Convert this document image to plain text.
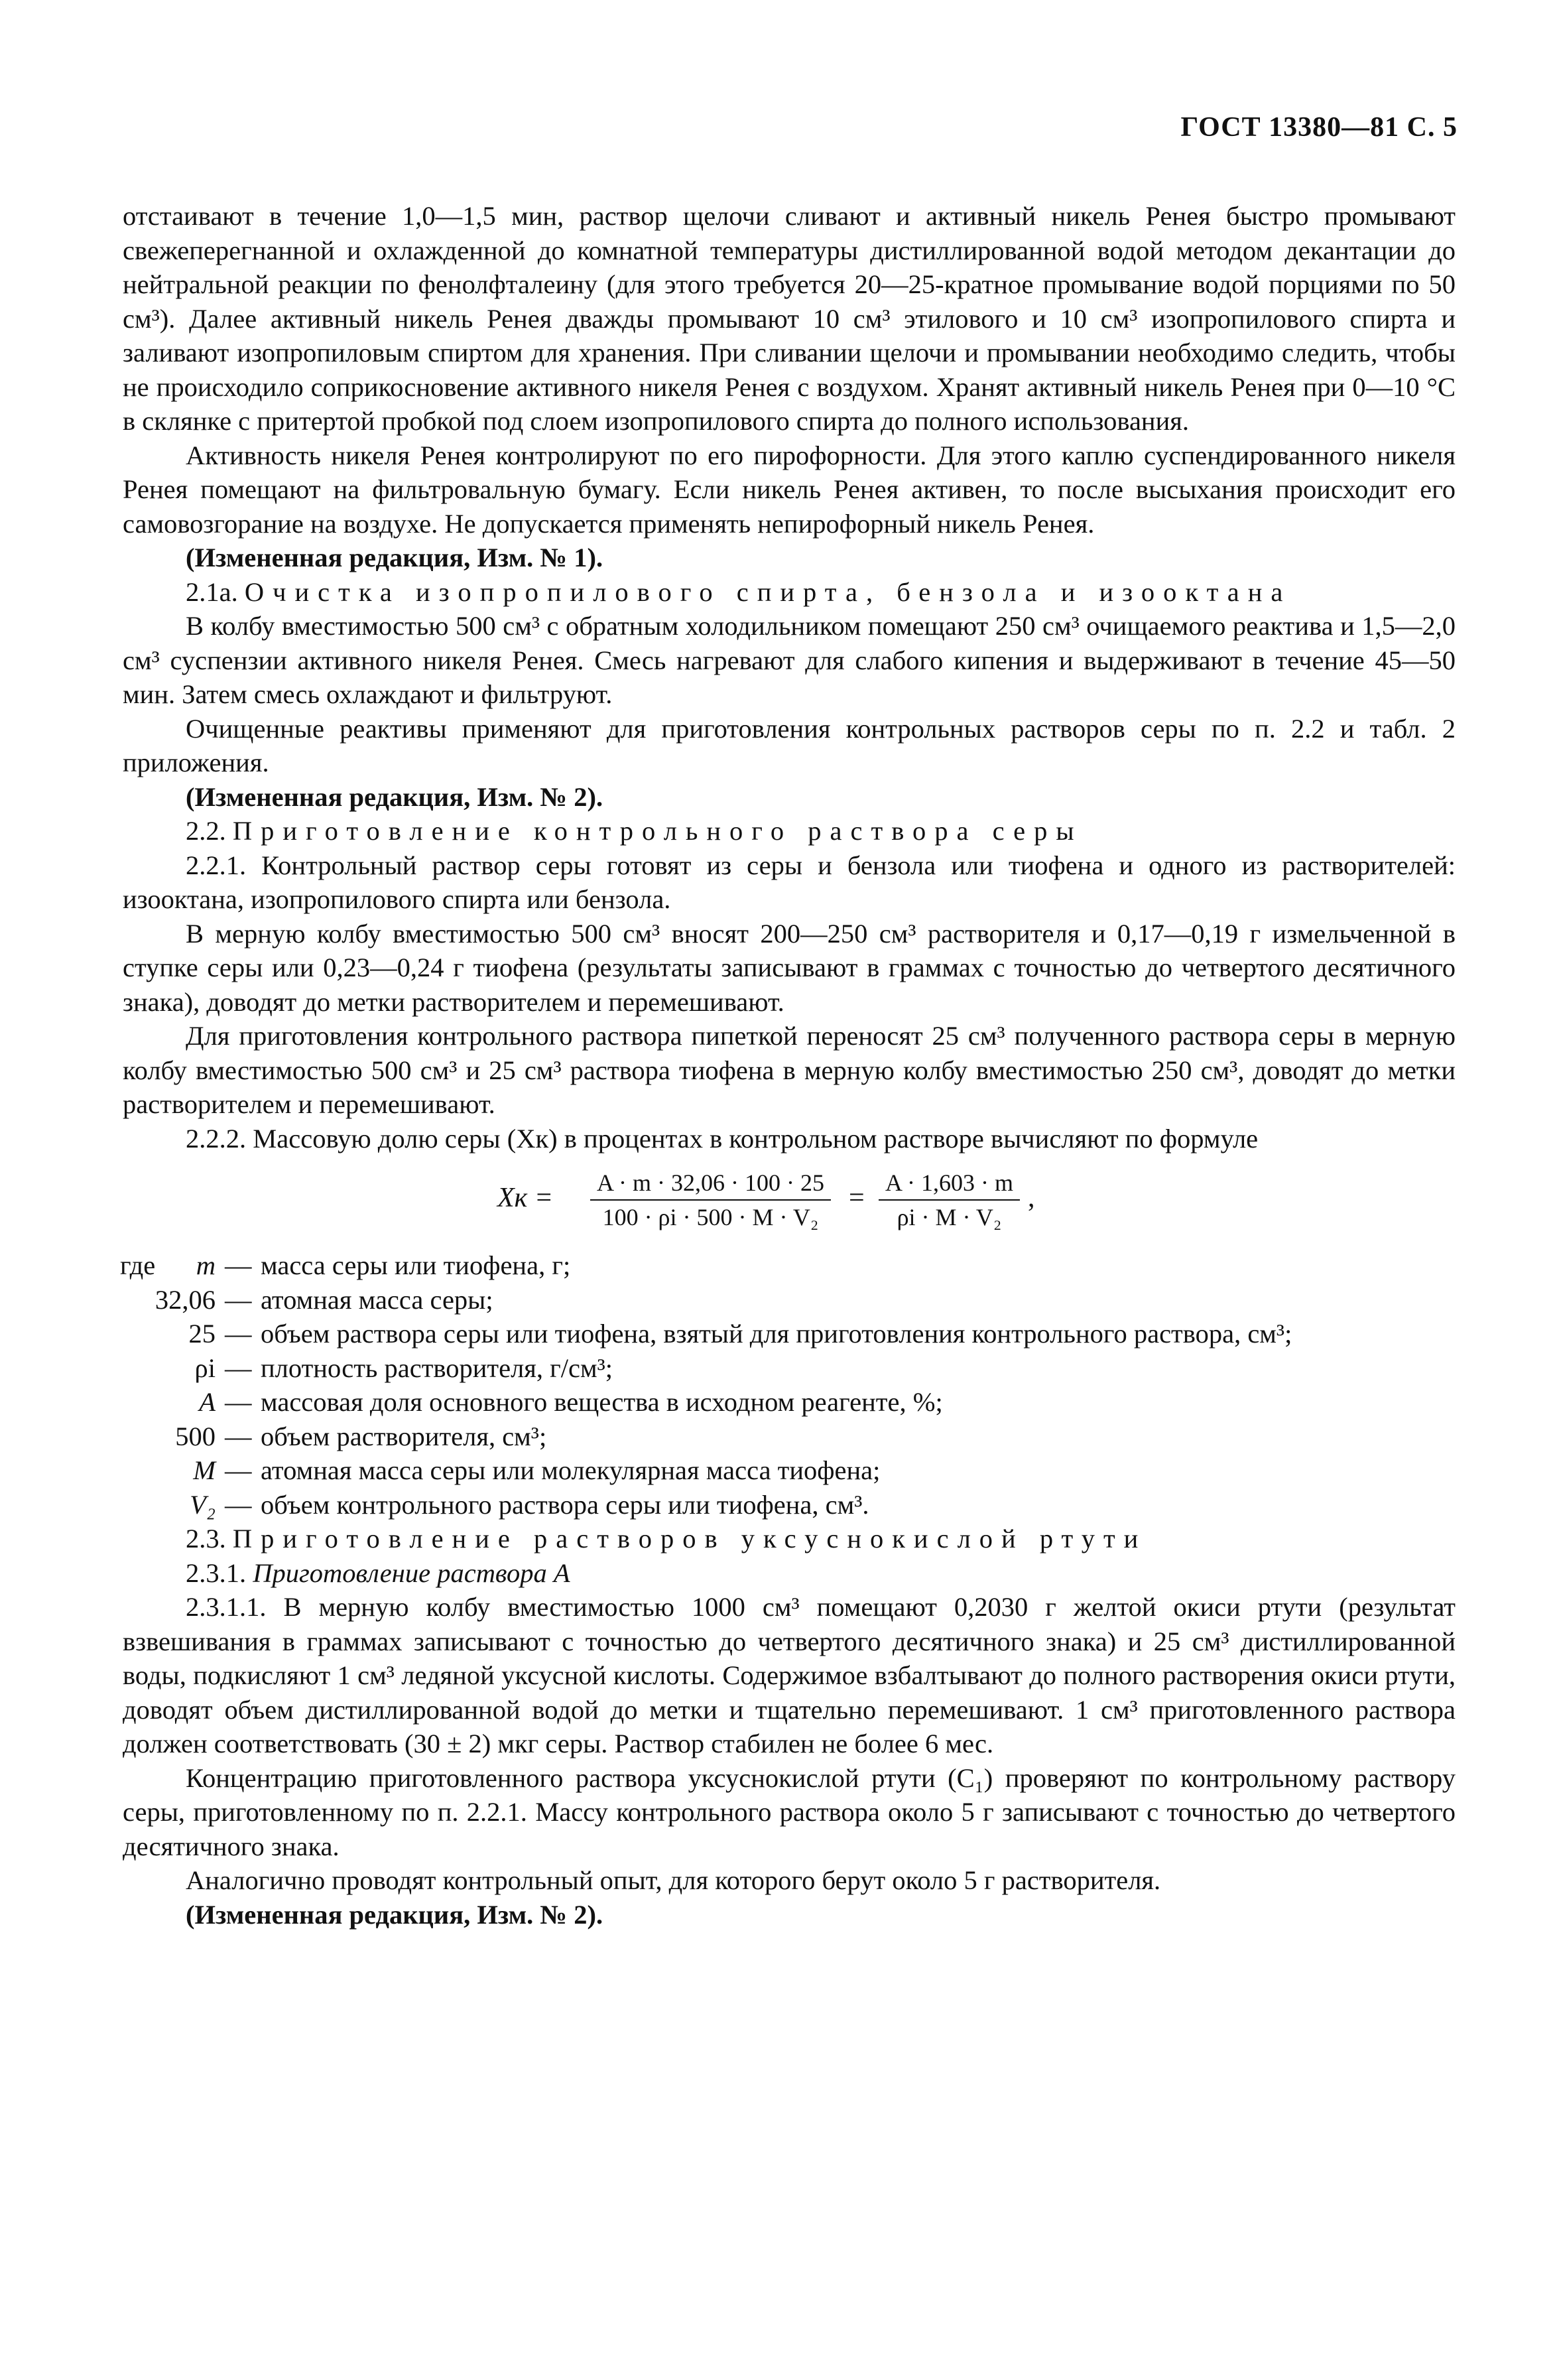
ГОСТ 13380—81 С. 5

отстаивают в течение 1,0—1,5 мин, раствор щелочи сливают и активный никель Ренея быстро промывают свежеперегнанной и охлажденной до комнатной температуры дистиллированной водой методом декантации до нейтральной реакции по фенолфталеину (для этого требуется 20—25-кратное промывание водой порциями по 50 см³). Далее активный никель Ренея дважды промывают 10 см³ этилового и 10 см³ изопропилового спирта и заливают изопропиловым спиртом для хранения. При сливании щелочи и промывании необходимо следить, чтобы не происходило соприкосновение активного никеля Ренея с воздухом. Хранят активный никель Ренея при 0—10 °С в склянке с притертой пробкой под слоем изопропилового спирта до полного использования.

Активность никеля Ренея контролируют по его пирофорности. Для этого каплю суспендированного никеля Ренея помещают на фильтровальную бумагу. Если никель Ренея активен, то после высыхания происходит его самовозгорание на воздухе. Не допускается применять непирофорный никель Ренея.

(Измененная редакция, Изм. № 1).

2.1а. Очистка изопропилового спирта, бензола и изооктана

В колбу вместимостью 500 см³ с обратным холодильником помещают 250 см³ очищаемого реактива и 1,5—2,0 см³ суспензии активного никеля Ренея. Смесь нагревают для слабого кипения и выдерживают в течение 45—50 мин. Затем смесь охлаждают и фильтруют.

Очищенные реактивы применяют для приготовления контрольных растворов серы по п. 2.2 и табл. 2 приложения.

(Измененная редакция, Изм. № 2).

2.2. Приготовление контрольного раствора серы

2.2.1. Контрольный раствор серы готовят из серы и бензола или тиофена и одного из растворителей: изооктана, изопропилового спирта или бензола.

В мерную колбу вместимостью 500 см³ вносят 200—250 см³ растворителя и 0,17—0,19 г измельченной в ступке серы или 0,23—0,24 г тиофена (результаты записывают в граммах с точностью до четвертого десятичного знака), доводят до метки растворителем и перемешивают.

Для приготовления контрольного раствора пипеткой переносят 25 см³ полученного раствора серы в мерную колбу вместимостью 500 см³ и 25 см³ раствора тиофена в мерную колбу вместимостью 250 см³, доводят до метки растворителем и перемешивают.

2.2.2. Массовую долю серы (Xк) в процентах в контрольном растворе вычисляют по формуле

Xк = A · m · 32,06 · 100 · 25
100 · ρі · 500 · M · V₂
= A · 1,603 · m
ρі · M · V₂
,
где	m — масса серы или тиофена, г;
32,06 — атомная масса серы;
25 — объем раствора серы или тиофена, взятый для приготовления контрольного раствора, см³;
ρі — плотность растворителя, г/см³;
A — массовая доля основного вещества в исходном реагенте, %;
500 — объем растворителя, см³;
M — атомная масса серы или молекулярная масса тиофена;
V₂ — объем контрольного раствора серы или тиофена, см³.

2.3. Приготовление растворов уксуснокислой ртути

2.3.1. Приготовление раствора А

2.3.1.1. В мерную колбу вместимостью 1000 см³ помещают 0,2030 г желтой окиси ртути (результат взвешивания в граммах записывают с точностью до четвертого десятичного знака) и 25 см³ дистиллированной воды, подкисляют 1 см³ ледяной уксусной кислоты. Содержимое взбалтывают до полного растворения окиси ртути, доводят объем дистиллированной водой до метки и тщательно перемешивают. 1 см³ приготовленного раствора должен соответствовать (30 ± 2) мкг серы. Раствор стабилен не более 6 мес.

Концентрацию приготовленного раствора уксуснокислой ртути (С₁) проверяют по контрольному раствору серы, приготовленному по п. 2.2.1. Массу контрольного раствора около 5 г записывают с точностью до четвертого десятичного знака.

Аналогично проводят контрольный опыт, для которого берут около 5 г растворителя.

(Измененная редакция, Изм. № 2).
